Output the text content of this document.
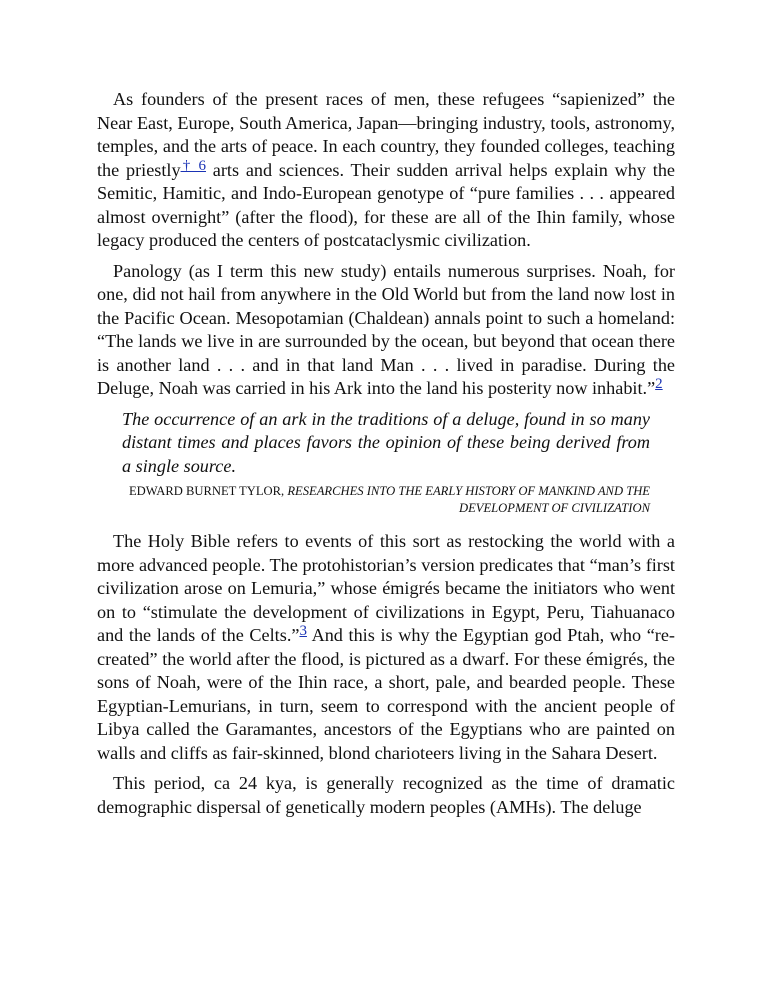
As founders of the present races of men, these refugees “sapienized” the Near East, Europe, South America, Japan—bringing industry, tools, astronomy, temples, and the arts of peace. In each country, they founded colleges, teaching the priestly$^{\dagger 6}$ arts and sciences. Their sudden arrival helps explain why the Semitic, Hamitic, and Indo-European genotype of “pure families . . . appeared almost overnight” (after the flood), for these are all of the Ihin family, whose legacy produced the centers of postcataclysmic civilization.

Panology (as I term this new study) entails numerous surprises. Noah, for one, did not hail from anywhere in the Old World but from the land now lost in the Pacific Ocean. Mesopotamian (Chaldean) annals point to such a homeland: “The lands we live in are surrounded by the ocean, but beyond that ocean there is another land . . . and in that land Man . . . lived in paradise. During the Deluge, Noah was carried in his Ark into the land his posterity now inhabit.”$^2$

The occurrence of an ark in the traditions of a deluge, found in so many distant times and places favors the opinion of these being derived from a single source.

EDWARD BURNET TYLOR, RESEARCHES INTO THE EARLY HISTORY OF MANKIND AND THE DEVELOPMENT OF CIVILIZATION

The Holy Bible refers to events of this sort as restocking the world with a more advanced people. The protohistorian’s version predicates that “man’s first civilization arose on Lemuria,” whose émigrés became the initiators who went on to “stimulate the development of civilizations in Egypt, Peru, Tiahuanaco and the lands of the Celts.”$^3$ And this is why the Egyptian god Ptah, who “re-created” the world after the flood, is pictured as a dwarf. For these émigrés, the sons of Noah, were of the Ihin race, a short, pale, and bearded people. These Egyptian-Lemurians, in turn, seem to correspond with the ancient people of Libya called the Garamantes, ancestors of the Egyptians who are painted on walls and cliffs as fair-skinned, blond charioteers living in the Sahara Desert.

This period, ca 24 kya, is generally recognized as the time of dramatic demographic dispersal of genetically modern peoples (AMHs). The deluge
